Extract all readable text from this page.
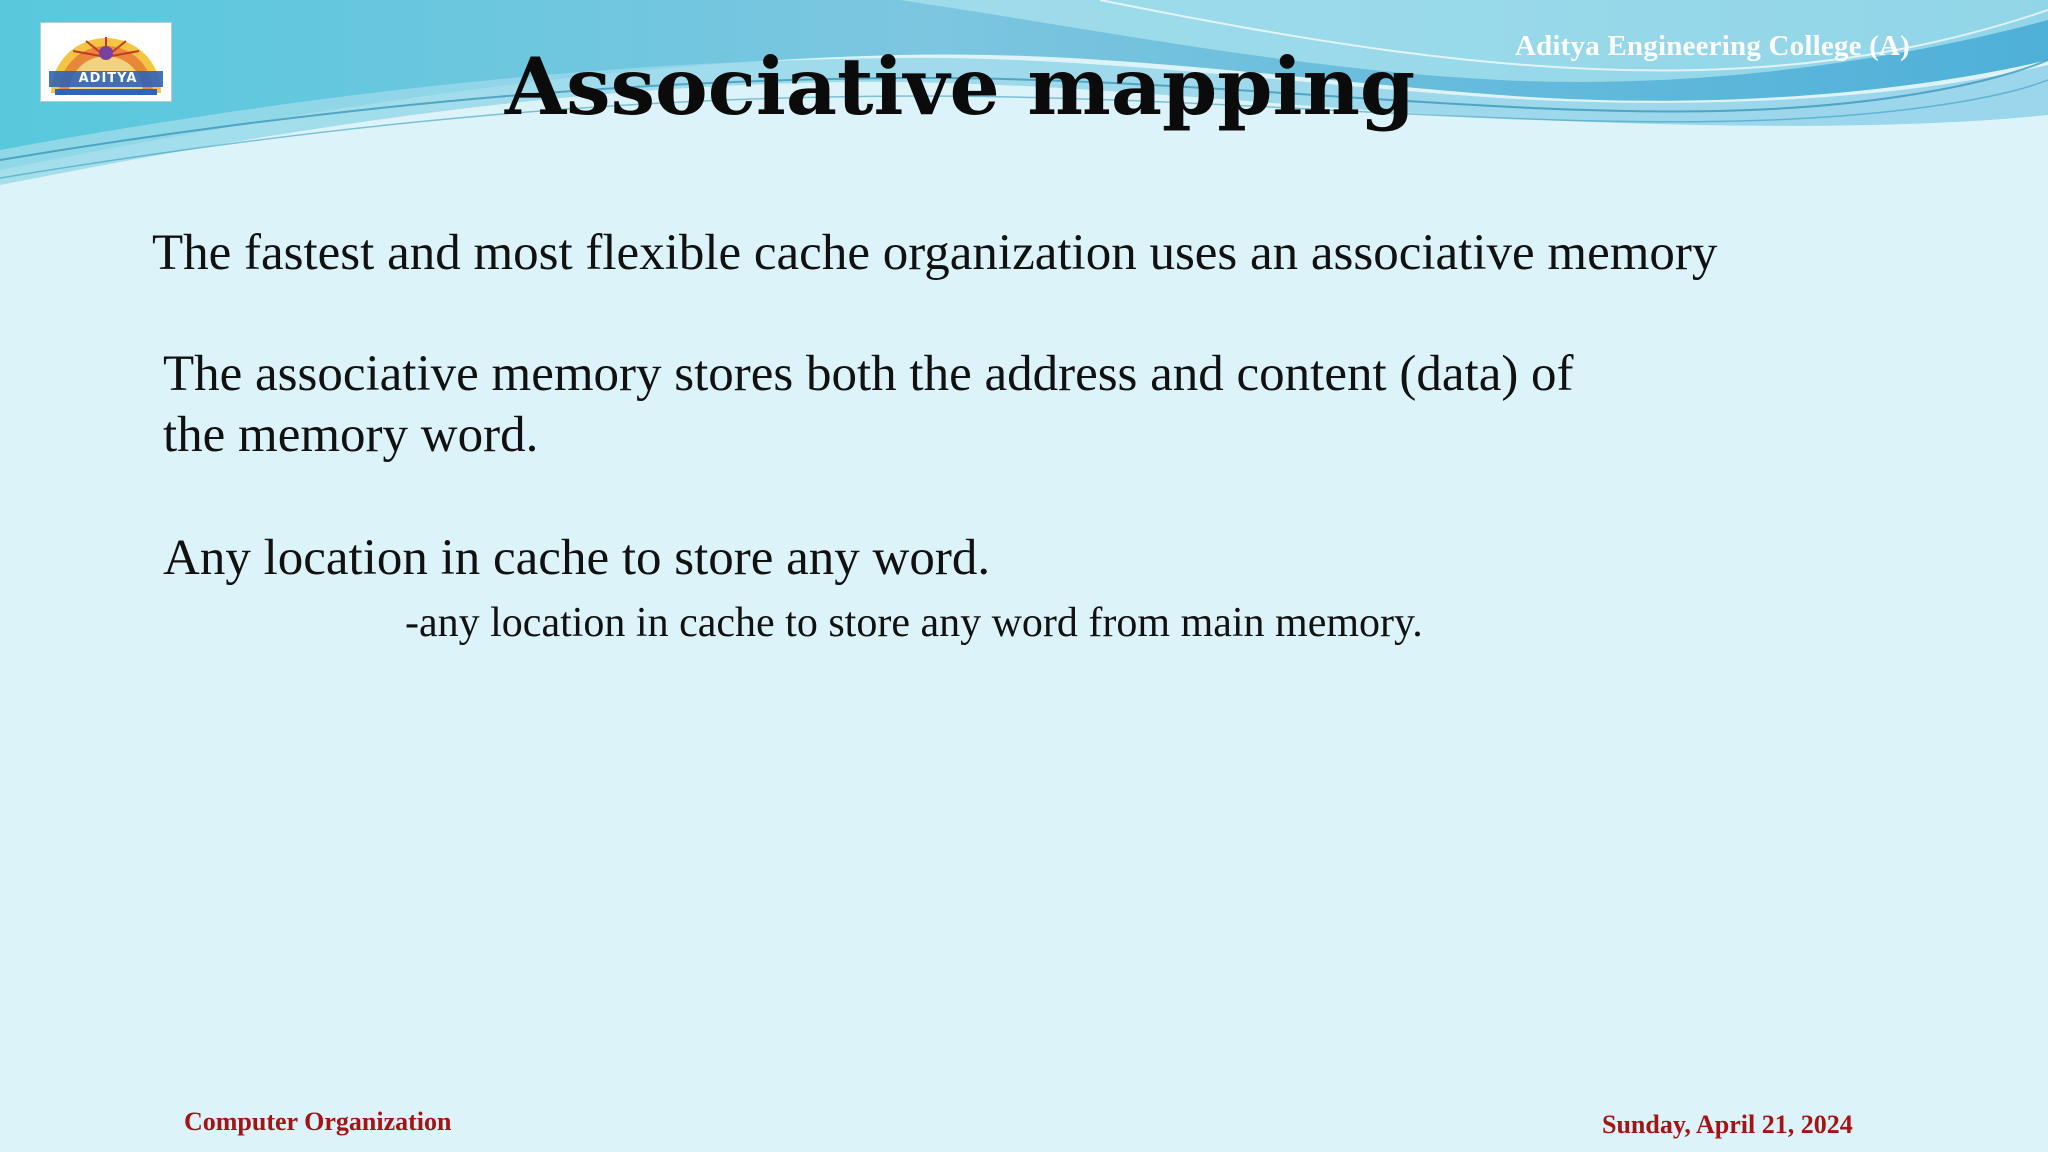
ADITYA
Aditya Engineering College (A)
Associative mapping

The fastest and most flexible cache organization uses an associative memory

The associative memory stores both the address and content (data) of
the memory word.

Any location in cache to store any word.

-any location in cache to store any word from main memory.

Computer Organization	Sunday, April 21, 2024
